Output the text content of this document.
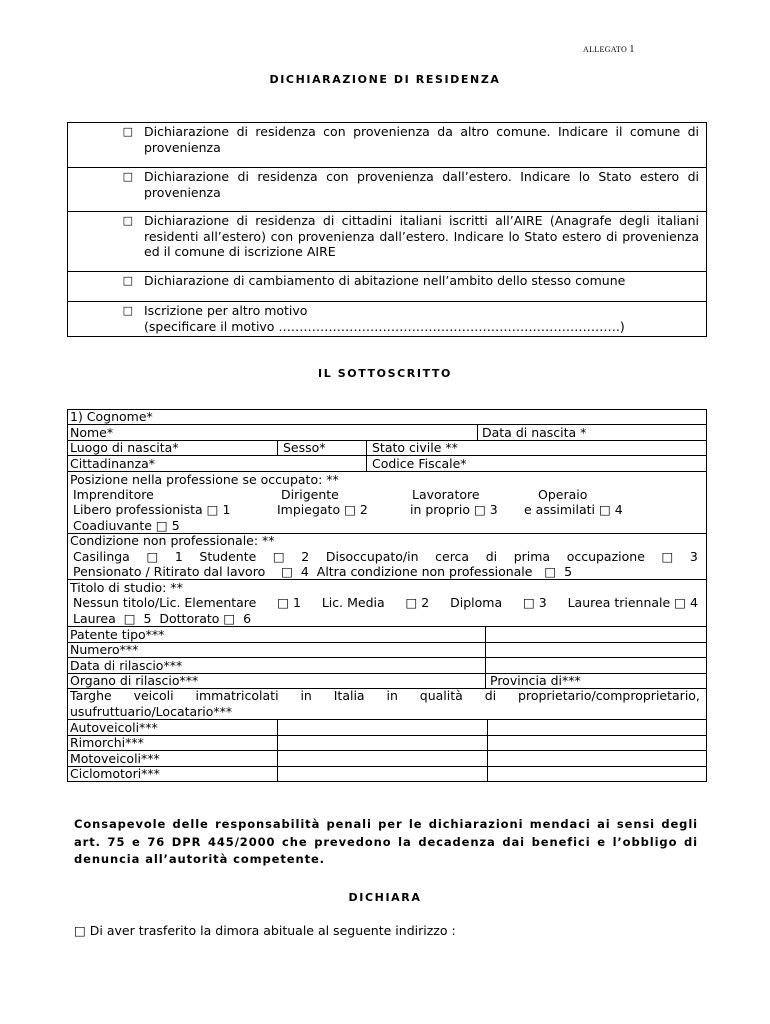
ALLEGATO 1
DICHIARAZIONE DI RESIDENZA
□ Dichiarazione di residenza con provenienza da altro comune. Indicare il comune di provenienza

□ Dichiarazione di residenza con provenienza dall’estero. Indicare lo Stato estero di provenienza

□ Dichiarazione di residenza di cittadini italiani iscritti all’AIRE (Anagrafe degli italiani residenti all’estero) con provenienza dall’estero. Indicare lo Stato estero di provenienza ed il comune di iscrizione AIRE

□ Dichiarazione di cambiamento di abitazione nell’ambito dello stesso comune

□ Iscrizione per altro motivo
(specificare il motivo ……………………………………………………………………….)
IL SOTTOSCRITTO
1) Cognome*
Nome*	Data di nascita *
Luogo di nascita*	Sesso*	Stato civile **
Cittadinanza*	Codice Fiscale*
Posizione nella professione se occupato: **
Imprenditore	Dirigente	Lavoratore	Operaio
Libero professionista □ 1	Impiegato □ 2	in proprio □ 3 e assimilati □ 4
Coadiuvante □ 5
Condizione non professionale: **
Casilinga □ 1 Studente □ 2 Disoccupato/in cerca di prima occupazione □ 3
Pensionato / Ritirato dal lavoro    □  4  Altra condizione non professionale   □  5
Titolo di studio: **
Nessun titolo/Lic. Elementare □ 1 Lic. Media □ 2 Diploma □ 3 Laurea triennale □ 4
Laurea  □  5  Dottorato □  6
Patente tipo***
Numero***
Data di rilascio***
Organo di rilascio***	Provincia di***
Targhe veicoli immatricolati in Italia in qualità di proprietario/comproprietario,
usufruttuario/Locatario***
Autoveicoli***
Rimorchi***
Motoveicoli***
Ciclomotori***
Consapevole delle responsabilità penali per le dichiarazioni mendaci ai sensi degli art. 75 e 76 DPR 445/2000 che prevedono la decadenza dai benefici e l’obbligo di denuncia all’autorità competente.
DICHIARA
□ Di aver trasferito la dimora abituale al seguente indirizzo :
